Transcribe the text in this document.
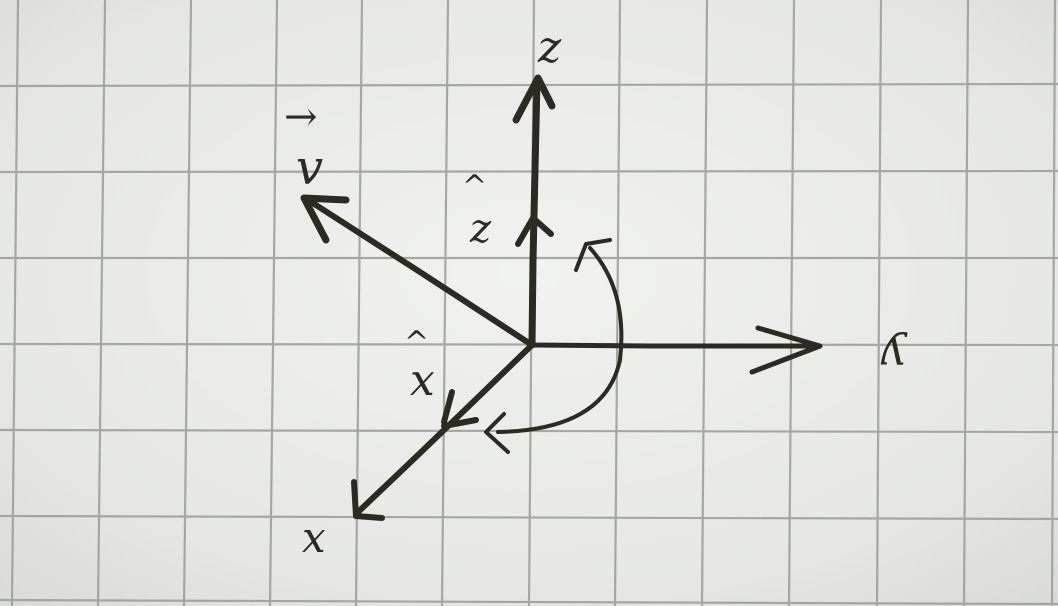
z
z
^
v
→
x
^	y
x
